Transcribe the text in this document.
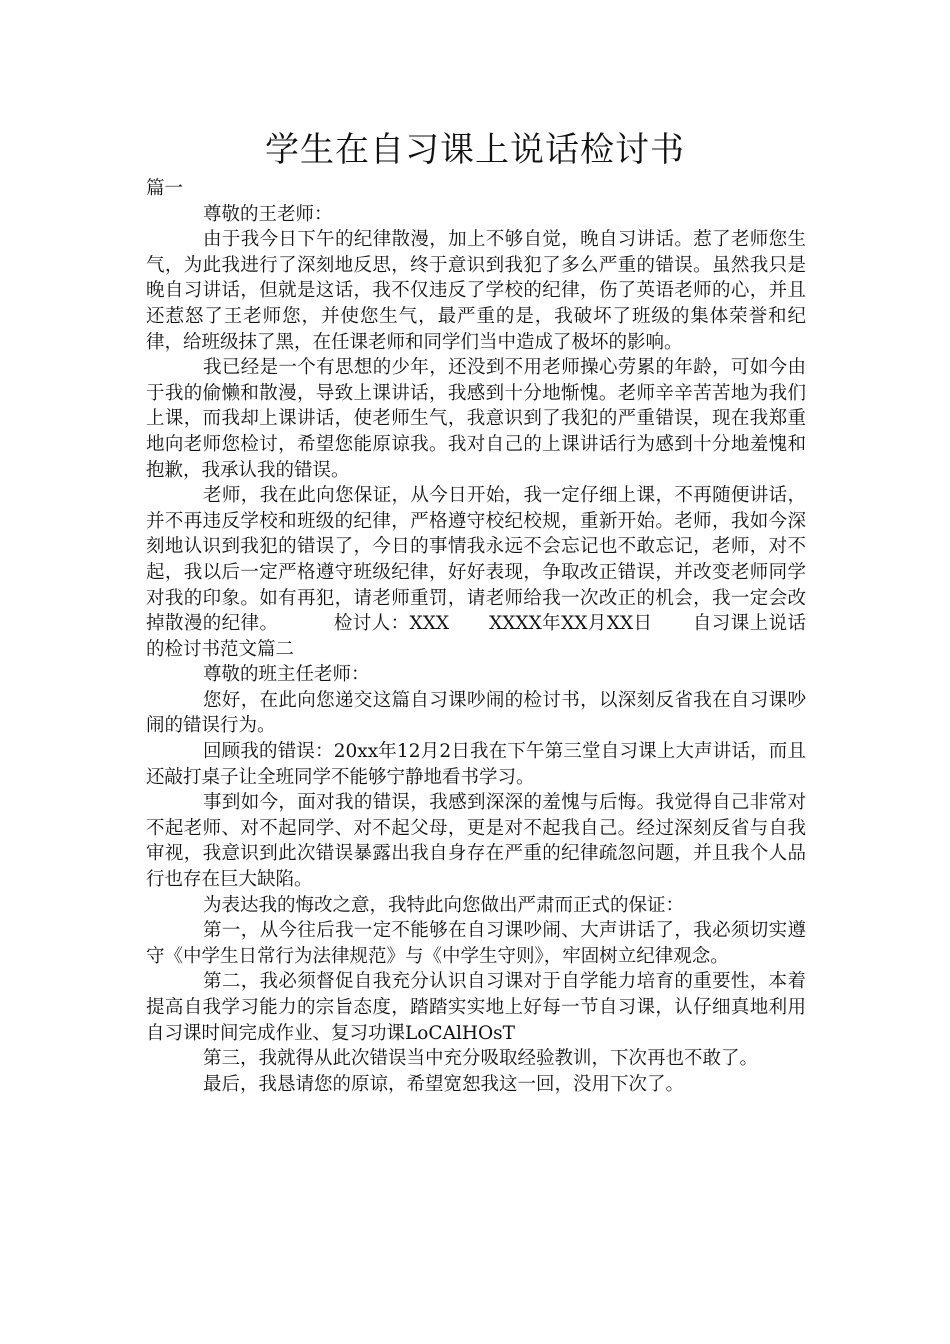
学生在自习课上说话检讨书

篇一

尊敬的王老师：

由于我今日下午的纪律散漫，加上不够自觉，晚自习讲话。惹了老师您生气，为此我进行了深刻地反思，终于意识到我犯了多么严重的错误。虽然我只是晚自习讲话，但就是这话，我不仅违反了学校的纪律，伤了英语老师的心，并且还惹怒了王老师您，并使您生气，最严重的是，我破坏了班级的集体荣誉和纪律，给班级抹了黑，在任课老师和同学们当中造成了极坏的影响。

我已经是一个有思想的少年，还没到不用老师操心劳累的年龄，可如今由于我的偷懒和散漫，导致上课讲话，我感到十分地惭愧。老师辛辛苦苦地为我们上课，而我却上课讲话，使老师生气，我意识到了我犯的严重错误，现在我郑重地向老师您检讨，希望您能原谅我。我对自己的上课讲话行为感到十分地羞愧和抱歉，我承认我的错误。

老师，我在此向您保证，从今日开始，我一定仔细上课，不再随便讲话，并不再违反学校和班级的纪律，严格遵守校纪校规，重新开始。老师，我如今深刻地认识到我犯的错误了，今日的事情我永远不会忘记也不敢忘记，老师，对不起，我以后一定严格遵守班级纪律，好好表现，争取改正错误，并改变老师同学对我的印象。如有再犯，请老师重罚，请老师给我一次改正的机会，我一定会改掉散漫的纪律。	检讨人：XXX XXXX年XX月XX日 自习课上说话的检讨书范文篇二

尊敬的班主任老师：

您好，在此向您递交这篇自习课吵闹的检讨书，以深刻反省我在自习课吵闹的错误行为。

回顾我的错误：20xx年12月2日我在下午第三堂自习课上大声讲话，而且还敲打桌子让全班同学不能够宁静地看书学习。

事到如今，面对我的错误，我感到深深的羞愧与后悔。我觉得自己非常对不起老师、对不起同学、对不起父母，更是对不起我自己。经过深刻反省与自我审视，我意识到此次错误暴露出我自身存在严重的纪律疏忽问题，并且我个人品行也存在巨大缺陷。

为表达我的悔改之意，我特此向您做出严肃而正式的保证：

第一，从今往后我一定不能够在自习课吵闹、大声讲话了，我必须切实遵守《中学生日常行为法律规范》与《中学生守则》，牢固树立纪律观念。

第二，我必须督促自我充分认识自习课对于自学能力培育的重要性，本着提高自我学习能力的宗旨态度，踏踏实实地上好每一节自习课，认仔细真地利用自习课时间完成作业、复习功课LoCAlHOsT

第三，我就得从此次错误当中充分吸取经验教训，下次再也不敢了。

最后，我恳请您的原谅，希望宽恕我这一回，没用下次了。
